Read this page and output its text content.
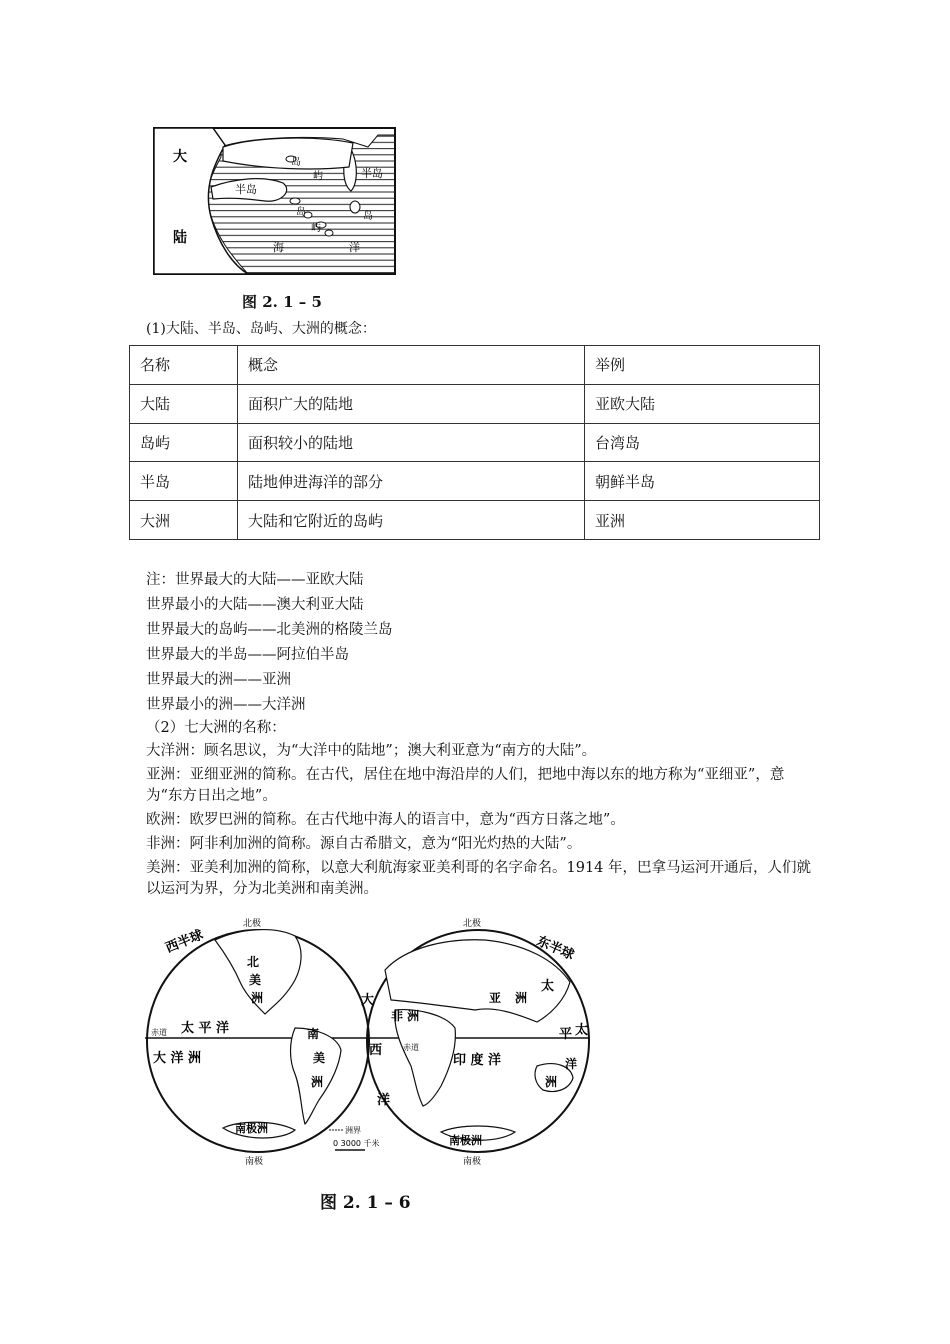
大
陆
半岛
半岛
岛
屿
岛
屿
岛
海	洋
图 2. 1 – 5
(1)大陆、半岛、岛屿、大洲的概念：
名称	概念	举例
大陆	面积广大的陆地	亚欧大陆
岛屿	面积较小的陆地	台湾岛
半岛	陆地伸进海洋的部分	朝鲜半岛
大洲	大陆和它附近的岛屿	亚洲
注：世界最大的大陆——亚欧大陆
世界最小的大陆——澳大利亚大陆
世界最大的岛屿——北美洲的格陵兰岛
世界最大的半岛——阿拉伯半岛
世界最大的洲——亚洲
世界最小的洲——大洋洲
（2）七大洲的名称：

大洋洲：顾名思议，为“大洋中的陆地”；澳大利亚意为“南方的大陆”。

亚洲：亚细亚洲的简称。在古代，居住在地中海沿岸的人们，把地中海以东的地方称为“亚细亚”，意为“东方日出之地”。

欧洲：欧罗巴洲的简称。在古代地中海人的语言中，意为“西方日落之地”。

非洲：阿非利加洲的简称。源自古希腊文，意为“阳光灼热的大陆”。

美洲：亚美利加洲的简称，以意大利航海家亚美利哥的名字命名。1914 年，巴拿马运河开通后，人们就以运河为界，分为北美洲和南美洲。

西半球
北极
南极
赤道
北
美
洲
太 平 洋
大
南
美
洲
大 洋 洲
南极洲
东半球
北极
南极
赤道
亚 洲
非 洲
太
平 太
西
洋
印 度 洋	洋
洲
南极洲
洲界
0 3000 千米
图 2. 1 – 6
